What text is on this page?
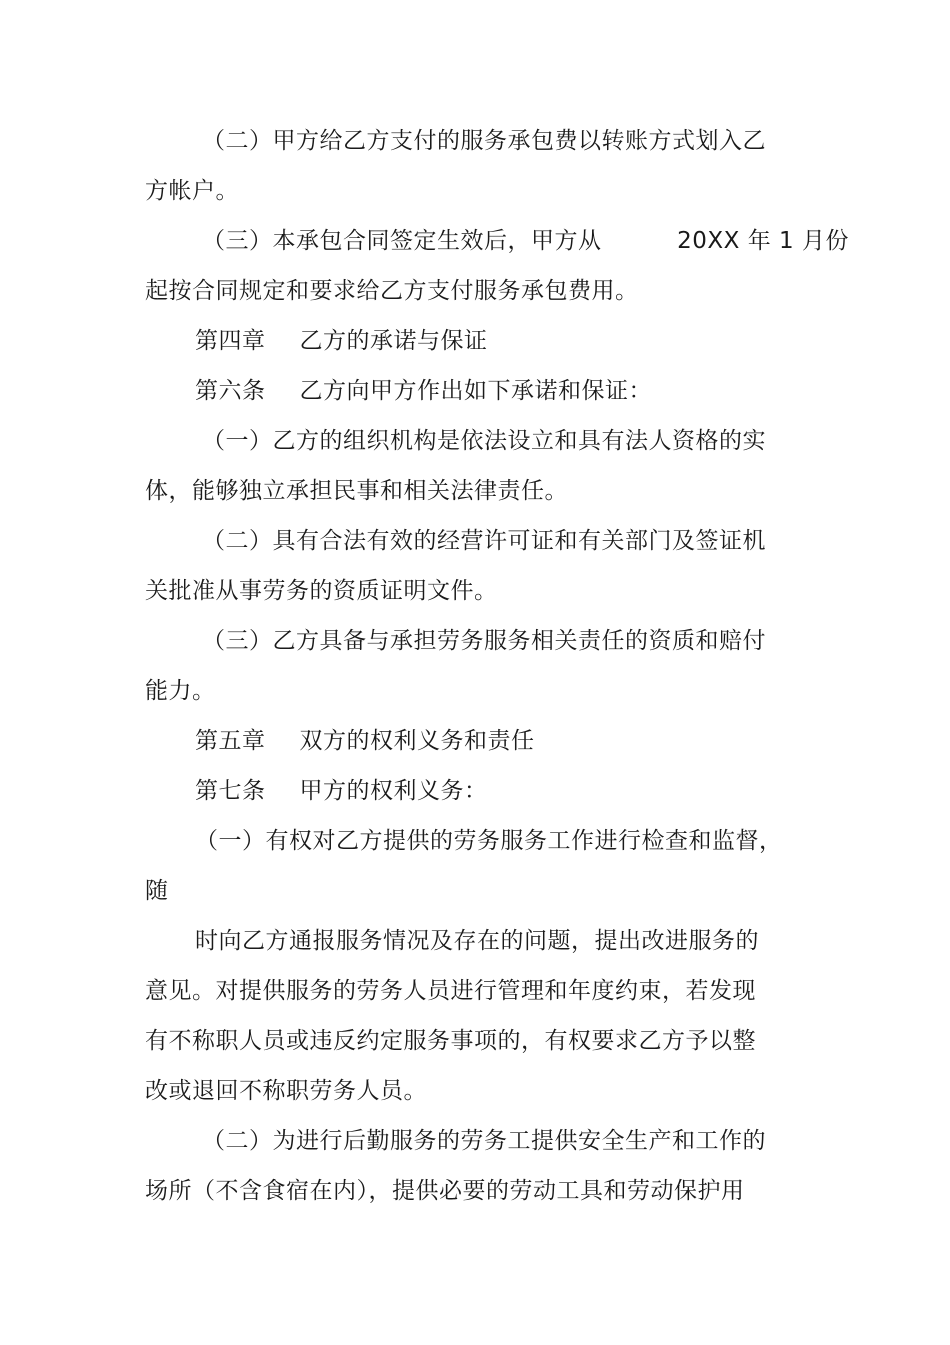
（二）甲方给乙方支付的服务承包费以转账方式划入乙
方帐户。
（三）本承包合同签定生效后，甲方从	20XX 年 1 月份
起按合同规定和要求给乙方支付服务承包费用。
第四章 乙方的承诺与保证
第六条 乙方向甲方作出如下承诺和保证：
（一）乙方的组织机构是依法设立和具有法人资格的实
体，能够独立承担民事和相关法律责任。
（二）具有合法有效的经营许可证和有关部门及签证机
关批准从事劳务的资质证明文件。
（三）乙方具备与承担劳务服务相关责任的资质和赔付
能力。
第五章 双方的权利义务和责任
第七条 甲方的权利义务：
（一）有权对乙方提供的劳务服务工作进行检查和监督，
随
时向乙方通报服务情况及存在的问题，提出改进服务的
意见。对提供服务的劳务人员进行管理和年度约束，若发现
有不称职人员或违反约定服务事项的，有权要求乙方予以整
改或退回不称职劳务人员。
（二）为进行后勤服务的劳务工提供安全生产和工作的
场所（不含食宿在内），提供必要的劳动工具和劳动保护用
